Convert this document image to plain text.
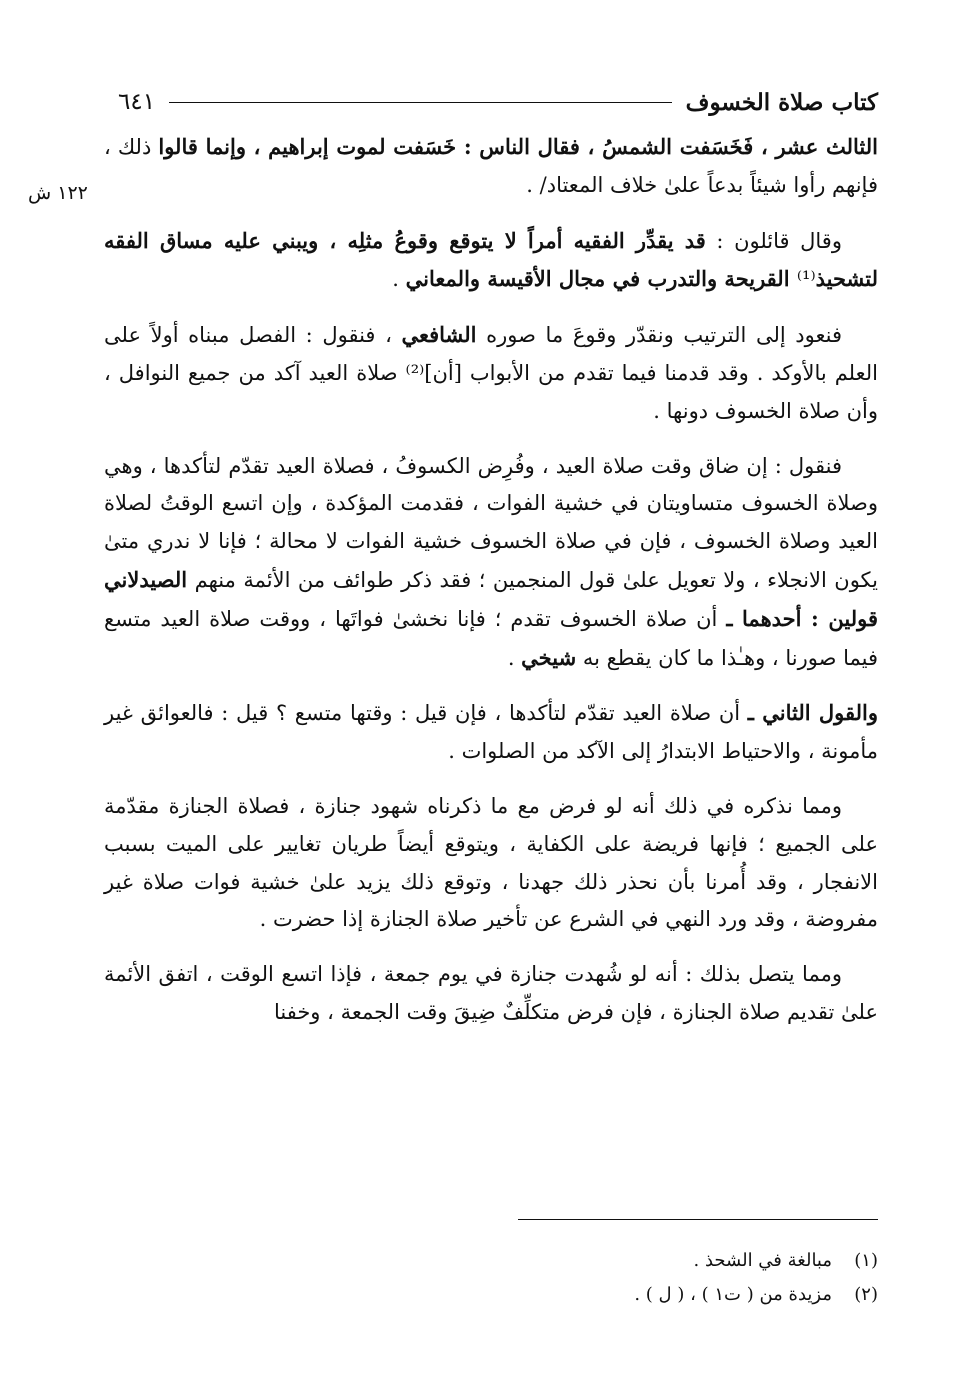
كتاب صلاة الخسوف
٦٤١
١٢٢ ش

الثالث عشر ، فَخَسَفت الشمسُ ، فقال الناس : خَسَفت لموت إبراهيم ، وإنما قالوا ذلك ، فإنهم رأوا شيئاً بدعاً علىٰ خلاف المعتاد/ .

وقال قائلون : قد يقدِّر الفقيه أمراً لا يتوقع وقوعُ مثلِه ، ويبني عليه مساق الفقه لتشحيذ⁽¹⁾ القريحة والتدرب في مجال الأقيسة والمعاني .

فنعود إلى الترتيب ونقدّر وقوعَ ما صوره الشافعي ، فنقول : الفصل مبناه أولاً على العلم بالأوكد . وقد قدمنا فيما تقدم من الأبواب [أن]⁽²⁾ صلاة العيد آكد من جميع النوافل ، وأن صلاة الخسوف دونها .

فنقول : إن ضاق وقت صلاة العيد ، وفُرِض الكسوفُ ، فصلاة العيد تقدّم لتأكدها ، وهي وصلاة الخسوف متساويتان في خشية الفوات ، فقدمت المؤكدة ، وإن اتسع الوقتُ لصلاة العيد وصلاة الخسوف ، فإن في صلاة الخسوف خشية الفوات لا محالة ؛ فإنا لا ندري متىٰ يكون الانجلاء ، ولا تعويل علىٰ قول المنجمين ؛ فقد ذكر طوائف من الأئمة منهم الصيدلاني قولين : أحدهما ـ أن صلاة الخسوف تقدم ؛ فإنا نخشىٰ فواتَها ، ووقت صلاة العيد متسع فيما صورنا ، وهـٰذا ما كان يقطع به شيخي .

والقول الثاني ـ أن صلاة العيد تقدّم لتأكدها ، فإن قيل : وقتها متسع ؟ قيل : فالعوائق غير مأمونة ، والاحتياط الابتدارُ إلى الآكد من الصلوات .

ومما نذكره في ذلك أنه لو فرض مع ما ذكرناه شهود جنازة ، فصلاة الجنازة مقدّمة على الجميع ؛ فإنها فريضة على الكفاية ، ويتوقع أيضاً طريان تغايير على الميت بسبب الانفجار ، وقد أُمرنا بأن نحذر ذلك جهدنا ، وتوقع ذلك يزيد علىٰ خشية فوات صلاة غير مفروضة ، وقد ورد النهي في الشرع عن تأخير صلاة الجنازة إذا حضرت .

ومما يتصل بذلك : أنه لو شُهدت جنازة في يوم جمعة ، فإذا اتسع الوقت ، اتفق الأئمة علىٰ تقديم صلاة الجنازة ، فإن فرض متكلِّفٌ ضِيقَ وقت الجمعة ، وخفنا

(١)
مبالغة في الشحذ .
(٢)
مزيدة من ( ت١ ) ، ( ل ) .
